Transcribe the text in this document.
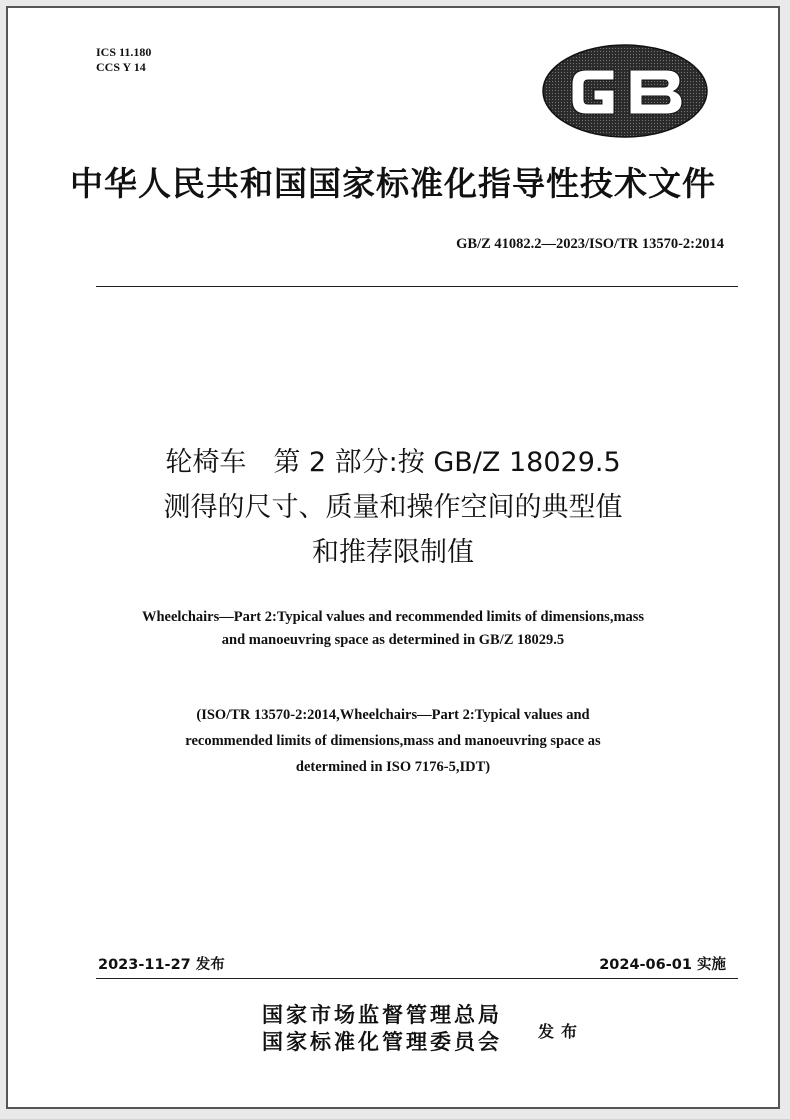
ICS 11.180
CCS Y 14
中华人民共和国国家标准化指导性技术文件
GB/Z 41082.2—2023/ISO/TR 13570-2:2014
轮椅车　第 2 部分:按 GB/Z 18029.5
测得的尺寸、质量和操作空间的典型值
和推荐限制值
Wheelchairs—Part 2:Typical values and recommended limits of dimensions,mass
and manoeuvring space as determined in GB/Z 18029.5
(ISO/TR 13570-2:2014,Wheelchairs—Part 2:Typical values and
recommended limits of dimensions,mass and manoeuvring space as
determined in ISO 7176-5,IDT)
2023-11-27 发布	2024-06-01 实施
国家市场监督管理总局
国家标准化管理委员会 发布
